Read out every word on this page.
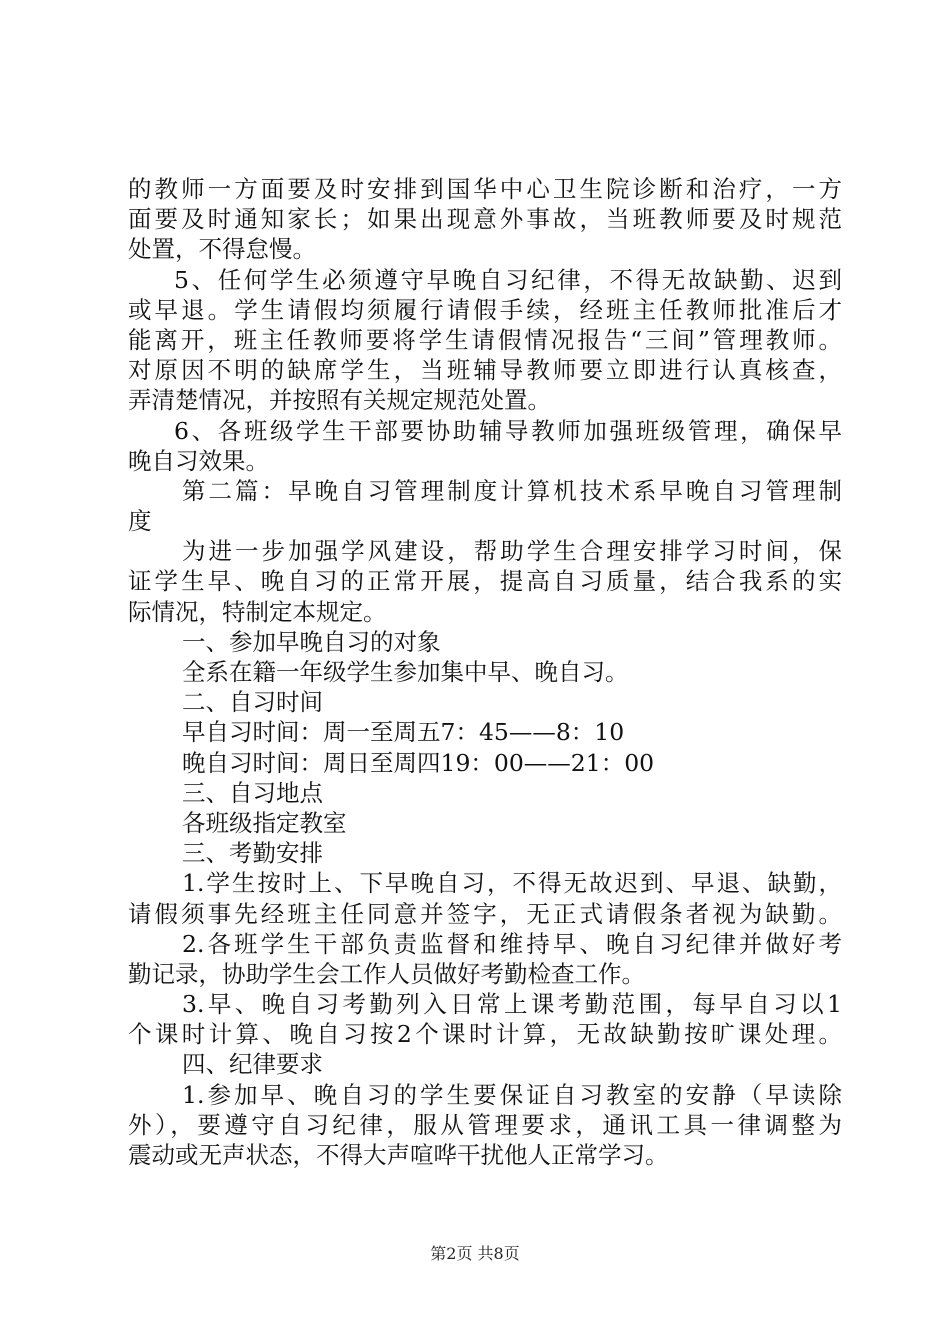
的教师一方面要及时安排到国华中心卫生院诊断和治疗，一方
面要及时通知家长；如果出现意外事故，当班教师要及时规范
处置，不得怠慢。
5、任何学生必须遵守早晚自习纪律，不得无故缺勤、迟到
或早退。学生请假均须履行请假手续，经班主任教师批准后才
能离开，班主任教师要将学生请假情况报告“三间”管理教师。
对原因不明的缺席学生，当班辅导教师要立即进行认真核查，
弄清楚情况，并按照有关规定规范处置。
6、各班级学生干部要协助辅导教师加强班级管理，确保早
晚自习效果。
第二篇：早晚自习管理制度计算机技术系早晚自习管理制
度
为进一步加强学风建设，帮助学生合理安排学习时间，保
证学生早、晚自习的正常开展，提高自习质量，结合我系的实
际情况，特制定本规定。
一、参加早晚自习的对象
全系在籍一年级学生参加集中早、晚自习。
二、自习时间
早自习时间：周一至周五7：45——8：10
晚自习时间：周日至周四19：00——21：00
三、自习地点
各班级指定教室
三、考勤安排
1.学生按时上、下早晚自习，不得无故迟到、早退、缺勤，
请假须事先经班主任同意并签字，无正式请假条者视为缺勤。
2.各班学生干部负责监督和维持早、晚自习纪律并做好考
勤记录，协助学生会工作人员做好考勤检查工作。
3.早、晚自习考勤列入日常上课考勤范围，每早自习以1
个课时计算、晚自习按2个课时计算，无故缺勤按旷课处理。
四、纪律要求
1.参加早、晚自习的学生要保证自习教室的安静（早读除
外），要遵守自习纪律，服从管理要求，通讯工具一律调整为
震动或无声状态，不得大声喧哗干扰他人正常学习。
第2页 共8页
